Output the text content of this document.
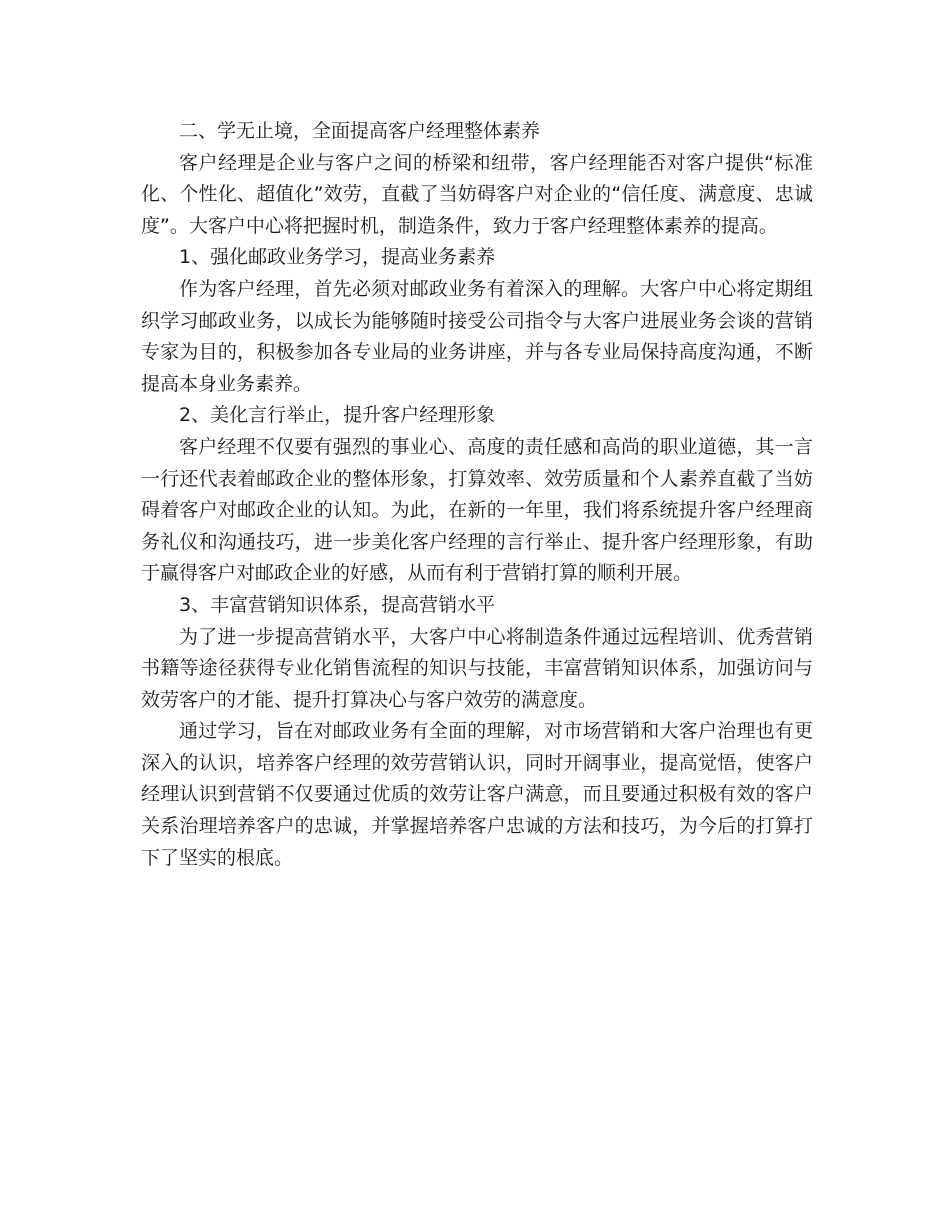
二、学无止境，全面提高客户经理整体素养

客户经理是企业与客户之间的桥梁和纽带，客户经理能否对客户提供“标准化、个性化、超值化”效劳，直截了当妨碍客户对企业的“信任度、满意度、忠诚度”。大客户中心将把握时机，制造条件，致力于客户经理整体素养的提高。

1、强化邮政业务学习，提高业务素养

作为客户经理，首先必须对邮政业务有着深入的理解。大客户中心将定期组织学习邮政业务，以成长为能够随时接受公司指令与大客户进展业务会谈的营销专家为目的，积极参加各专业局的业务讲座，并与各专业局保持高度沟通，不断提高本身业务素养。

2、美化言行举止，提升客户经理形象

客户经理不仅要有强烈的事业心、高度的责任感和高尚的职业道德，其一言一行还代表着邮政企业的整体形象，打算效率、效劳质量和个人素养直截了当妨碍着客户对邮政企业的认知。为此，在新的一年里，我们将系统提升客户经理商务礼仪和沟通技巧，进一步美化客户经理的言行举止、提升客户经理形象，有助于赢得客户对邮政企业的好感，从而有利于营销打算的顺利开展。

3、丰富营销知识体系，提高营销水平

为了进一步提高营销水平，大客户中心将制造条件通过远程培训、优秀营销书籍等途径获得专业化销售流程的知识与技能，丰富营销知识体系，加强访问与效劳客户的才能、提升打算决心与客户效劳的满意度。

通过学习，旨在对邮政业务有全面的理解，对市场营销和大客户治理也有更深入的认识，培养客户经理的效劳营销认识，同时开阔事业，提高觉悟，使客户经理认识到营销不仅要通过优质的效劳让客户满意，而且要通过积极有效的客户关系治理培养客户的忠诚，并掌握培养客户忠诚的方法和技巧，为今后的打算打下了坚实的根底。
